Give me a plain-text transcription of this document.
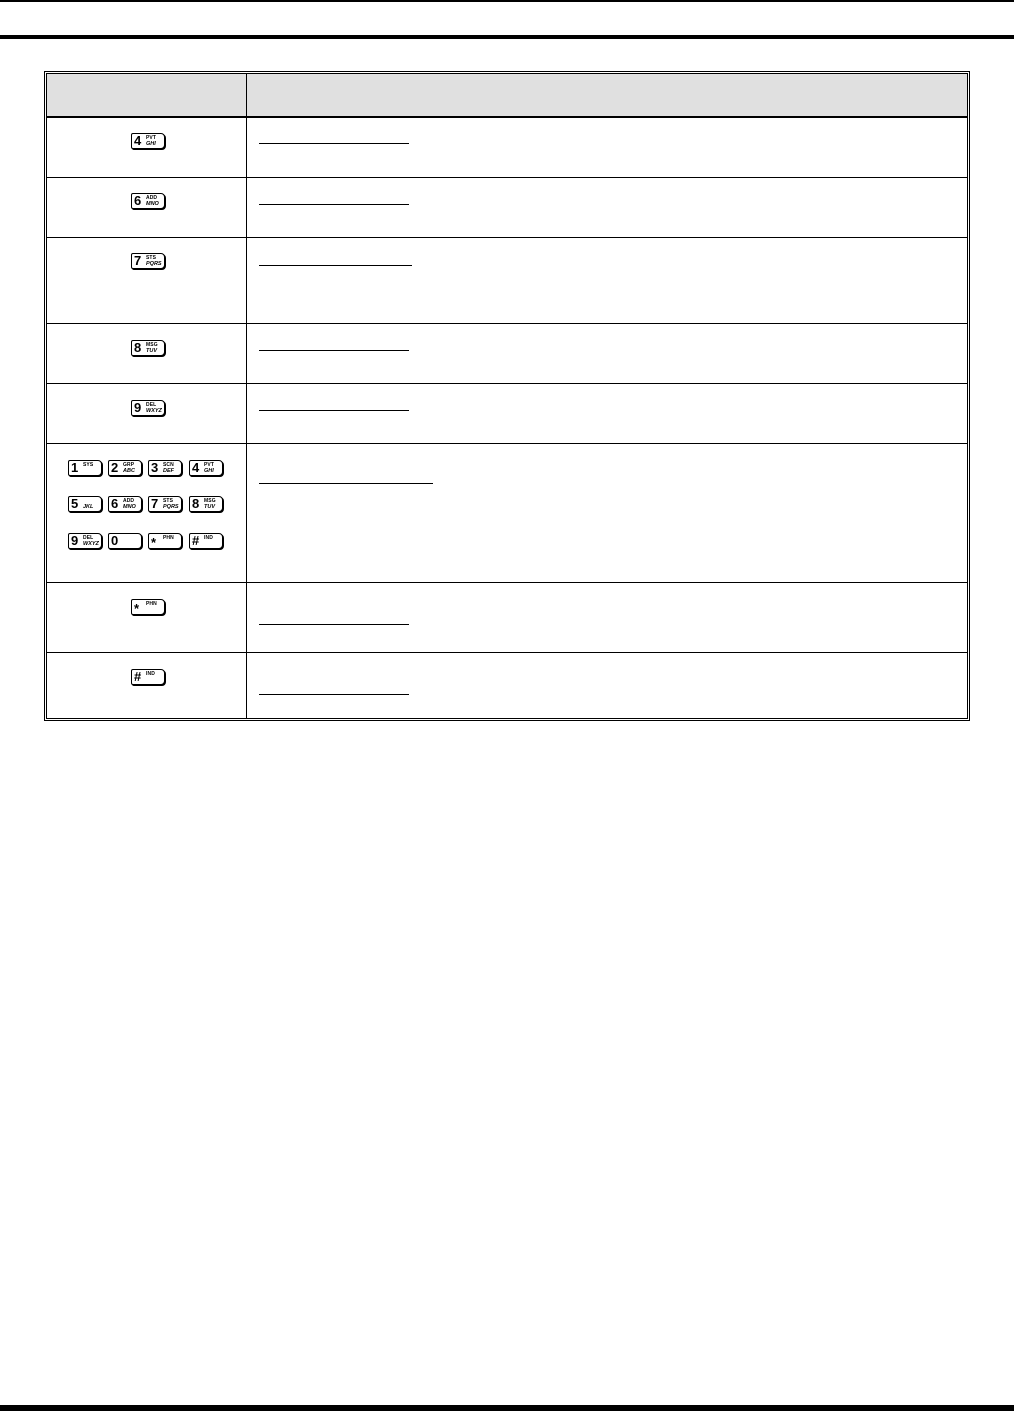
4 PVT
GHI
6 ADD
MNO
7 STS
PQRS
8 MSG
TUV
9 DEL
WXYZ
1 SYS 2 GRP
ABC 3 SCN
DEF 4 PVT
GHI
5 JKL 6 ADD
MNO 7 STS
PQRS 8 MSG
TUV
9 DEL
WXYZ 0	* PHN # IND
* PHN
# IND
